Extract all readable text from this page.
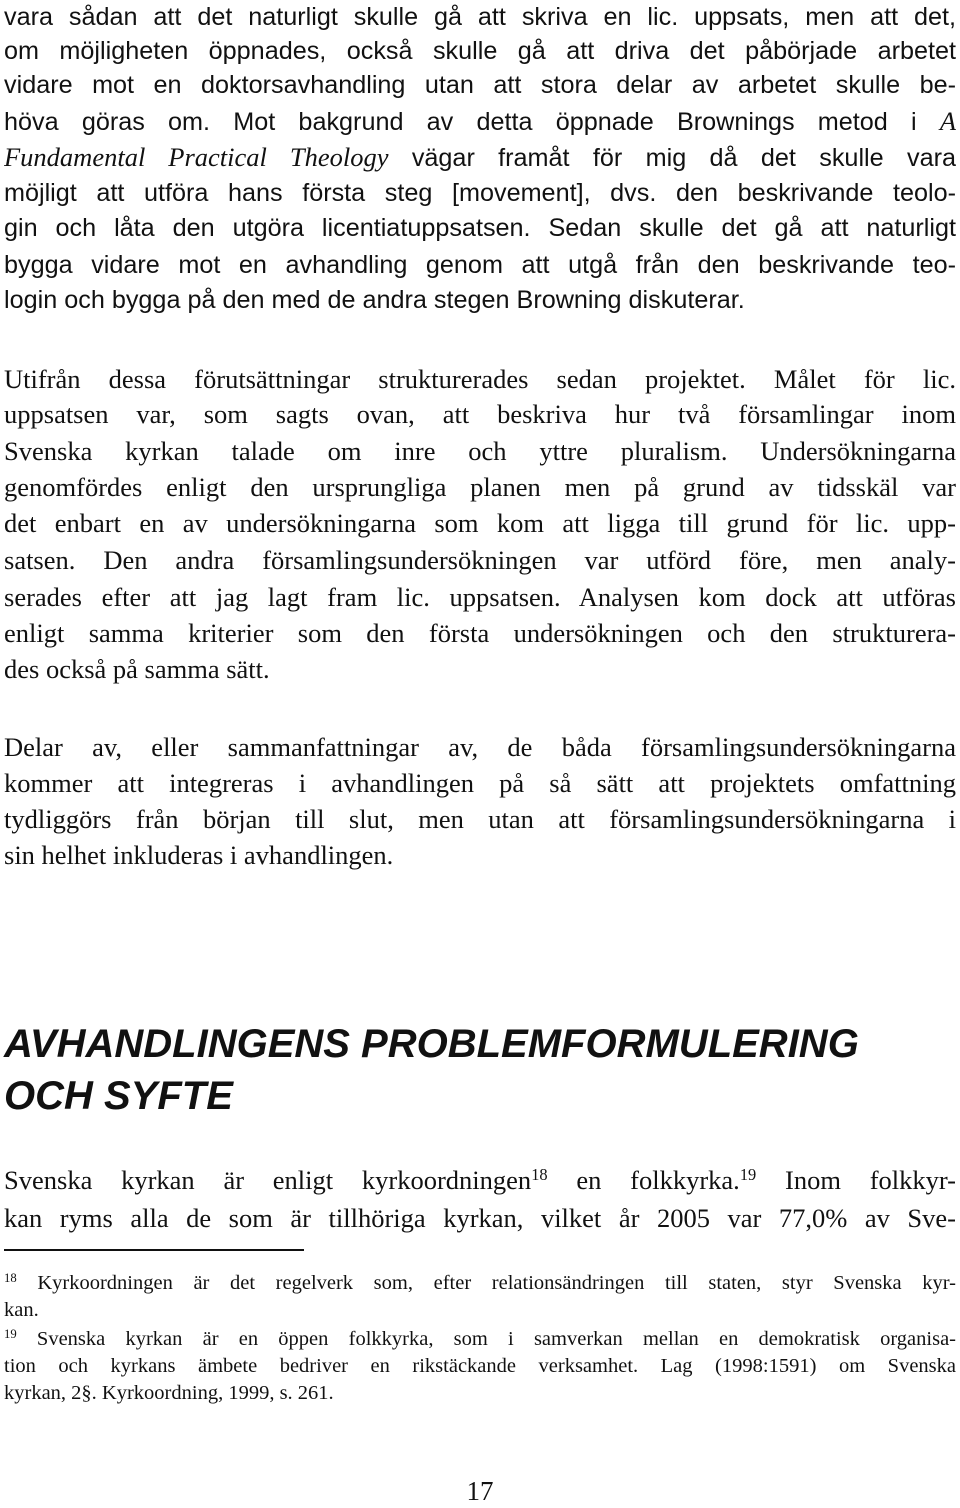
vara sådan att det naturligt skulle gå att skriva en lic. uppsats, men att det,
om möjligheten öppnades, också skulle gå att driva det påbörjade arbetet
vidare mot en doktorsavhandling utan att stora delar av arbetet skulle be-
höva göras om. Mot bakgrund av detta öppnade Brownings metod i A
Fundamental Practical Theology vägar framåt för mig då det skulle vara
möjligt att utföra hans första steg [movement], dvs. den beskrivande teolo-
gin och låta den utgöra licentiatuppsatsen. Sedan skulle det gå att naturligt
bygga vidare mot en avhandling genom att utgå från den beskrivande teo-
login och bygga på den med de andra stegen Browning diskuterar.
Utifrån dessa förutsättningar strukturerades sedan projektet. Målet för lic.
uppsatsen var, som sagts ovan, att beskriva hur två församlingar inom
Svenska kyrkan talade om inre och yttre pluralism. Undersökningarna
genomfördes enligt den ursprungliga planen men på grund av tidsskäl var
det enbart en av undersökningarna som kom att ligga till grund för lic. upp-
satsen. Den andra församlingsundersökningen var utförd före, men analy-
serades efter att jag lagt fram lic. uppsatsen. Analysen kom dock att utföras
enligt samma kriterier som den första undersökningen och den strukturera-
des också på samma sätt.
Delar av, eller sammanfattningar av, de båda församlingsundersökningarna
kommer att integreras i avhandlingen på så sätt att projektets omfattning
tydliggörs från början till slut, men utan att församlingsundersökningarna i
sin helhet inkluderas i avhandlingen.
AVHANDLINGENS PROBLEMFORMULERING
OCH SYFTE
Svenska kyrkan är enligt kyrkoordningen$^{18}$ en folkkyrka.$^{19}$ Inom folkkyr-
kan ryms alla de som är tillhöriga kyrkan, vilket år 2005 var 77,0% av Sve-
$^{18}$ Kyrkoordningen är det regelverk som, efter relationsändringen till staten, styr Svenska kyr-
kan.
$^{19}$ Svenska kyrkan är en öppen folkkyrka, som i samverkan mellan en demokratisk organisa-
tion och kyrkans ämbete bedriver en rikstäckande verksamhet. Lag (1998:1591) om Svenska
kyrkan, 2§. Kyrkoordning, 1999, s. 261.
17
